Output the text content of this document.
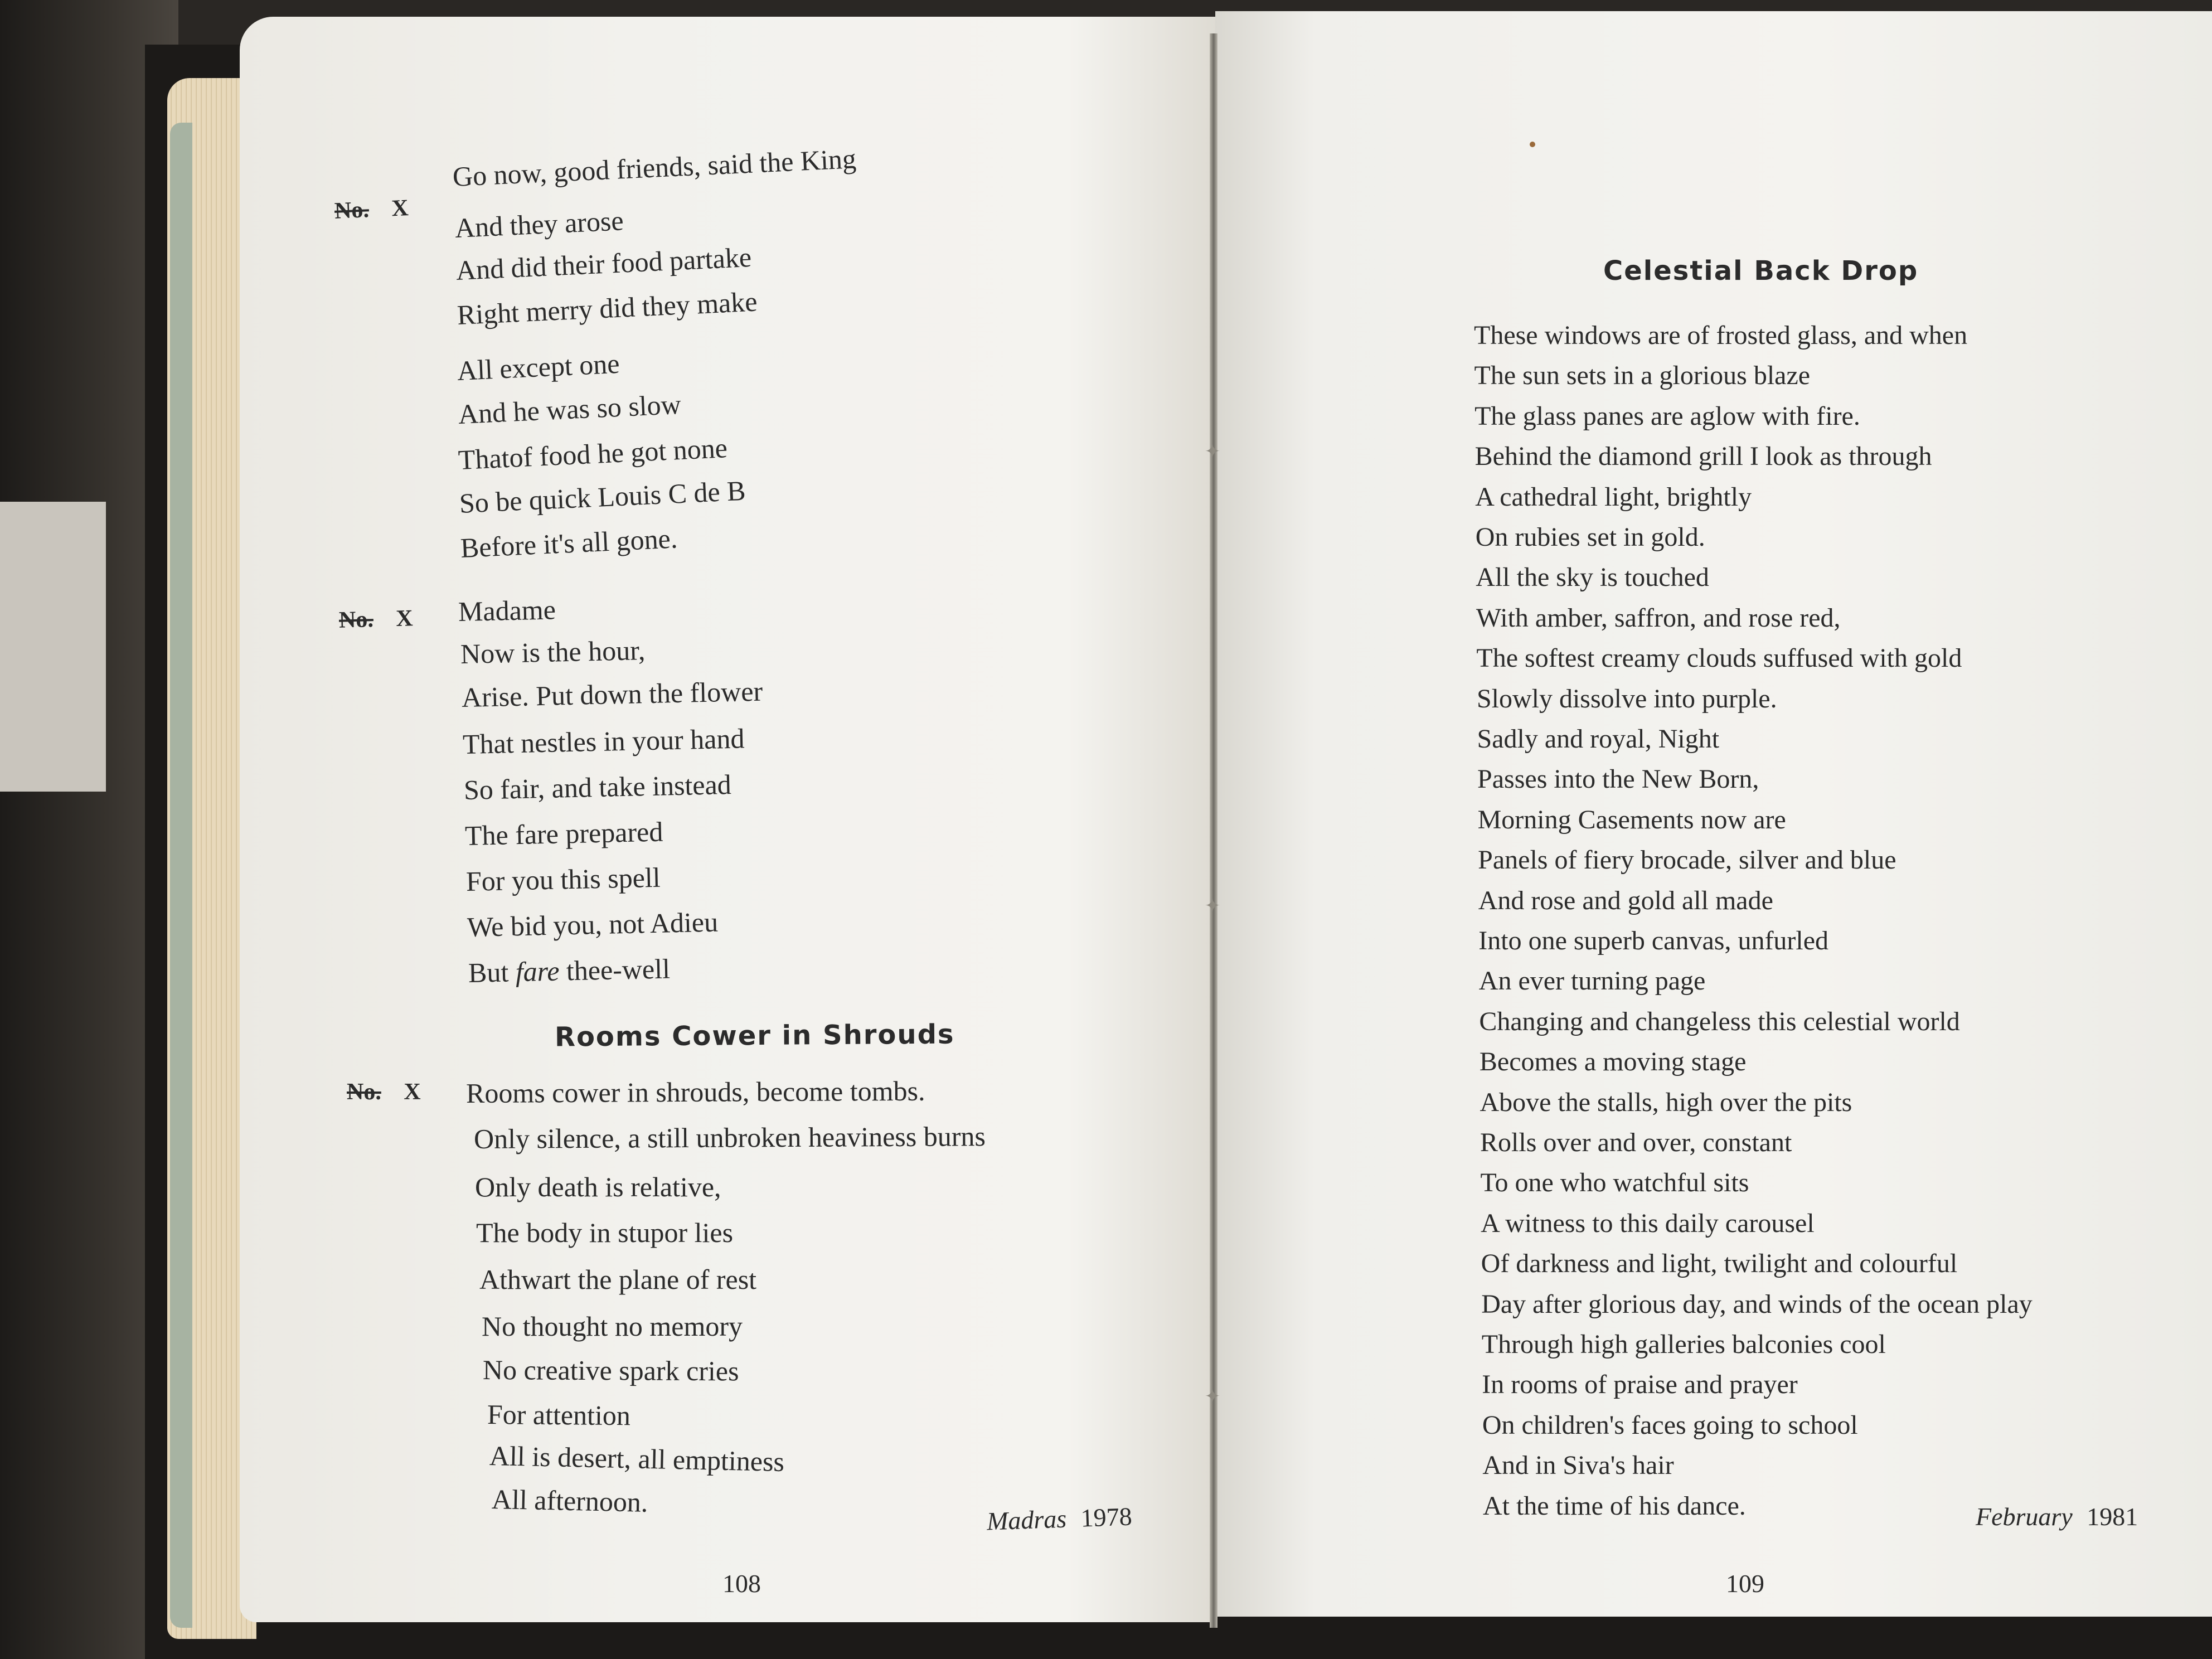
✦
✦
✦
No. X
Go now, good friends, said the King
And they arose
And did their food partake
Right merry did they make
All except one
And he was so slow
Thatof food he got none
So be quick Louis C de B
Before it's all gone.
No. X Madame
Now is the hour,
Arise. Put down the flower
That nestles in your hand
So fair, and take instead
The fare prepared
For you this spell
We bid you, not Adieu
But fare thee-well
Rooms Cower in Shrouds
No. X Rooms cower in shrouds, become tombs.
Only silence, a still unbroken heaviness burns
Only death is relative,
The body in stupor lies
Athwart the plane of rest
No thought no memory
No creative spark cries
For attention
All is desert, all emptiness
All afternoon.
Madras 1978
108
Celestial Back Drop
These windows are of frosted glass, and when
The sun sets in a glorious blaze
The glass panes are aglow with fire.
Behind the diamond grill I look as through
A cathedral light, brightly
On rubies set in gold.
All the sky is touched
With amber, saffron, and rose red,
The softest creamy clouds suffused with gold
Slowly dissolve into purple.
Sadly and royal, Night
Passes into the New Born,
Morning Casements now are
Panels of fiery brocade, silver and blue
And rose and gold all made
Into one superb canvas, unfurled
An ever turning page
Changing and changeless this celestial world
Becomes a moving stage
Above the stalls, high over the pits
Rolls over and over, constant
To one who watchful sits
A witness to this daily carousel
Of darkness and light, twilight and colourful
Day after glorious day, and winds of the ocean play
Through high galleries balconies cool
In rooms of praise and prayer
On children's faces going to school
And in Siva's hair
At the time of his dance.	February 1981
109
